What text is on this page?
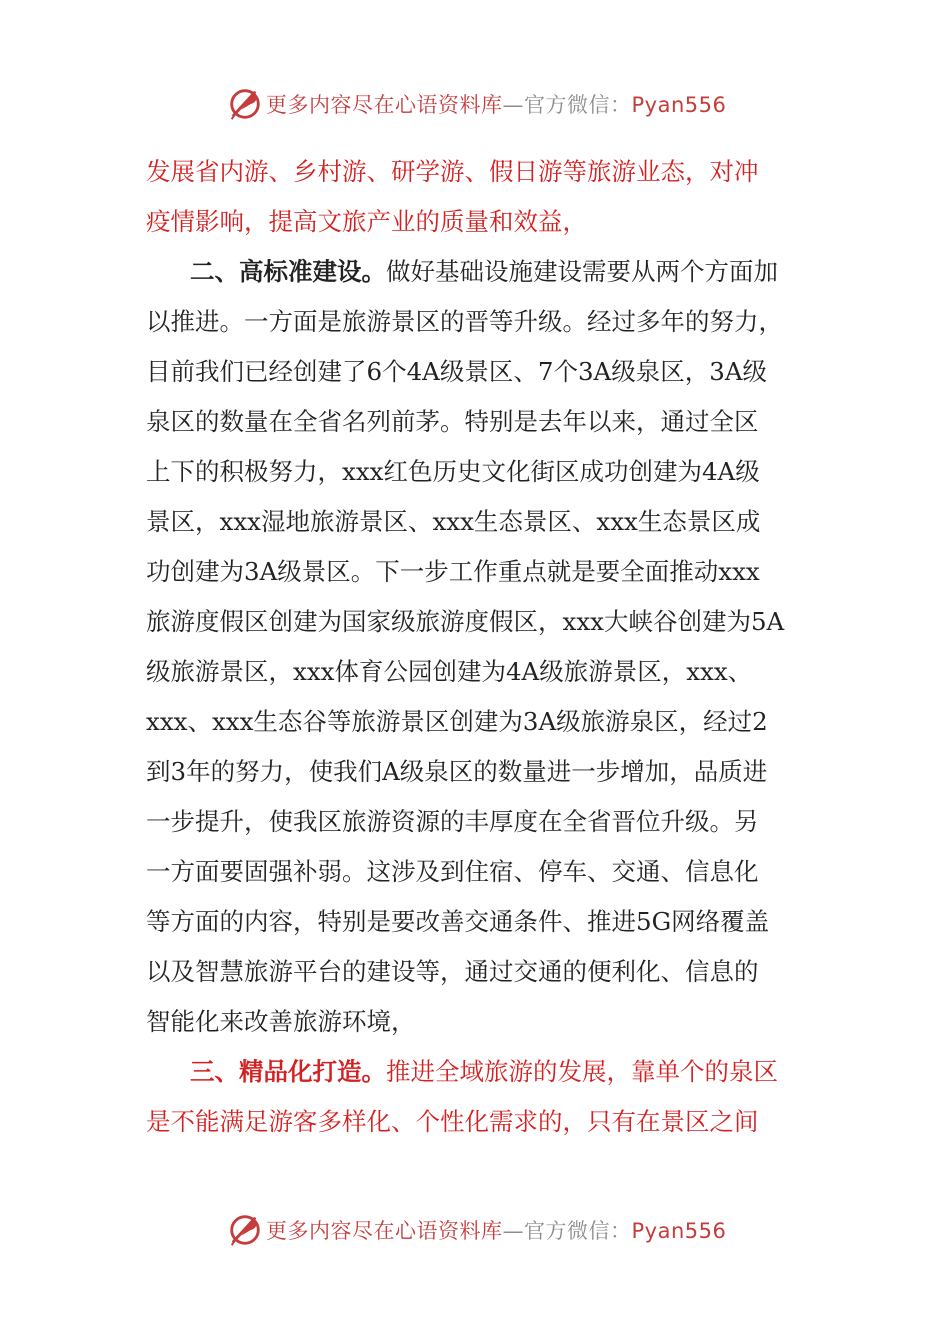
更多内容尽在心语资料库—官方微信：Pyan556

发展省内游、乡村游、研学游、假日游等旅游业态，对冲
疫情影响，提高文旅产业的质量和效益，

二、高标准建设。做好基础设施建设需要从两个方面加
以推进。一方面是旅游景区的晋等升级。经过多年的努力，
目前我们已经创建了6个4A级景区、7个3A级泉区，3A级
泉区的数量在全省名列前茅。特别是去年以来，通过全区
上下的积极努力，xxx红色历史文化街区成功创建为4A级
景区，xxx湿地旅游景区、xxx生态景区、xxx生态景区成
功创建为3A级景区。下一步工作重点就是要全面推动xxx
旅游度假区创建为国家级旅游度假区，xxx大峡谷创建为5A
级旅游景区，xxx体育公园创建为4A级旅游景区，xxx、
xxx、xxx生态谷等旅游景区创建为3A级旅游泉区，经过2
到3年的努力，使我们A级泉区的数量进一步增加，品质进
一步提升，使我区旅游资源的丰厚度在全省晋位升级。另
一方面要固强补弱。这涉及到住宿、停车、交通、信息化
等方面的内容，特别是要改善交通条件、推进5G网络覆盖
以及智慧旅游平台的建设等，通过交通的便利化、信息的
智能化来改善旅游环境，

三、精品化打造。推进全域旅游的发展，靠单个的泉区
是不能满足游客多样化、个性化需求的，只有在景区之间

更多内容尽在心语资料库—官方微信：Pyan556
